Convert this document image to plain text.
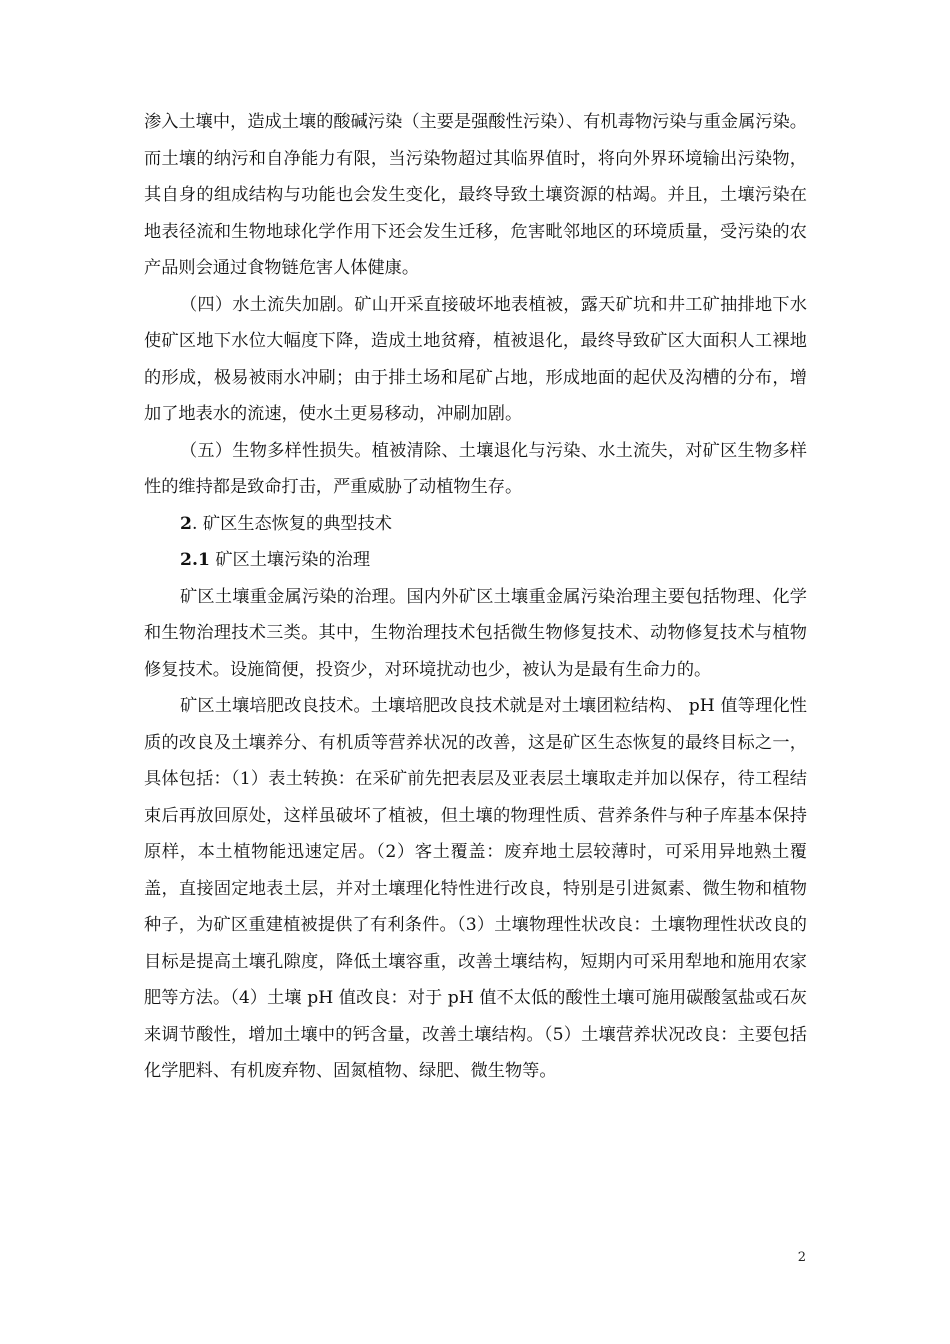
渗入土壤中，造成土壤的酸碱污染（主要是强酸性污染）、有机毒物污染与重金属污染。而土壤的纳污和自净能力有限，当污染物超过其临界值时，将向外界环境输出污染物，其自身的组成结构与功能也会发生变化，最终导致土壤资源的枯竭。并且，土壤污染在地表径流和生物地球化学作用下还会发生迁移，危害毗邻地区的环境质量，受污染的农产品则会通过食物链危害人体健康。

（四）水土流失加剧。矿山开采直接破坏地表植被，露天矿坑和井工矿抽排地下水使矿区地下水位大幅度下降，造成土地贫瘠，植被退化，最终导致矿区大面积人工裸地的形成，极易被雨水冲刷；由于排土场和尾矿占地，形成地面的起伏及沟槽的分布，增加了地表水的流速，使水土更易移动，冲刷加剧。

（五）生物多样性损失。植被清除、土壤退化与污染、水土流失，对矿区生物多样性的维持都是致命打击，严重威胁了动植物生存。

2. 矿区生态恢复的典型技术

2.1 矿区土壤污染的治理

矿区土壤重金属污染的治理。国内外矿区土壤重金属污染治理主要包括物理、化学和生物治理技术三类。其中，生物治理技术包括微生物修复技术、动物修复技术与植物修复技术。设施简便，投资少，对环境扰动也少，被认为是最有生命力的。

矿区土壤培肥改良技术。土壤培肥改良技术就是对土壤团粒结构、 pH 值等理化性质的改良及土壤养分、有机质等营养状况的改善，这是矿区生态恢复的最终目标之一，具体包括：（1）表土转换：在采矿前先把表层及亚表层土壤取走并加以保存，待工程结束后再放回原处，这样虽破坏了植被，但土壤的物理性质、营养条件与种子库基本保持原样，本土植物能迅速定居。（2）客土覆盖：废弃地土层较薄时，可采用异地熟土覆盖，直接固定地表土层，并对土壤理化特性进行改良，特别是引进氮素、微生物和植物种子，为矿区重建植被提供了有利条件。（3）土壤物理性状改良：土壤物理性状改良的目标是提高土壤孔隙度，降低土壤容重，改善土壤结构，短期内可采用犁地和施用农家肥等方法。（4）土壤 pH 值改良：对于 pH 值不太低的酸性土壤可施用碳酸氢盐或石灰来调节酸性，增加土壤中的钙含量，改善土壤结构。（5）土壤营养状况改良：主要包括化学肥料、有机废弃物、固氮植物、绿肥、微生物等。

2
